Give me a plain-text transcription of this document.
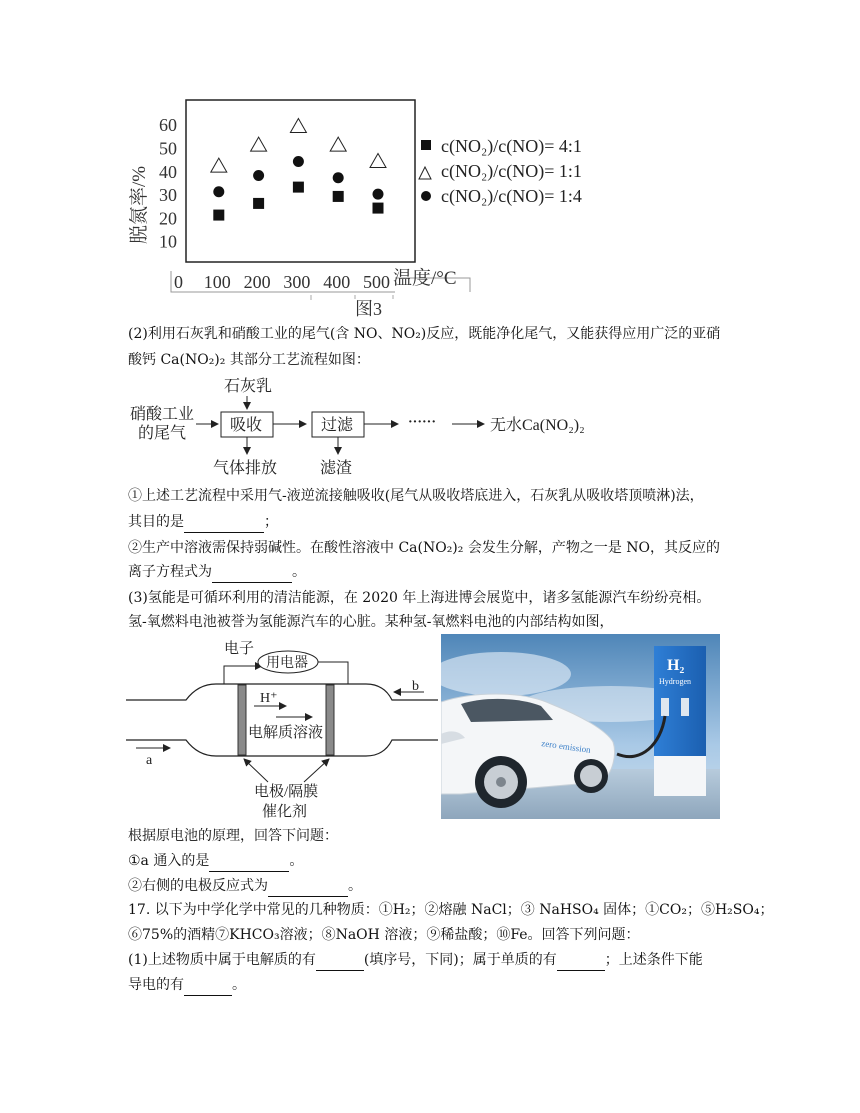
脱氮率/% 10
20
30
40
50
60
c(NO₂)/c(NO)= 4:1
c(NO₂)/c(NO)= 1:1
c(NO₂)/c(NO)= 1:4
0 100 200 300 400 500 温度/°C
图3
(2)利用石灰乳和硝酸工业的尾气(含 NO、NO₂)反应，既能净化尾气，又能获得应用广泛的亚硝
酸钙 Ca(NO₂)₂ 其部分工艺流程如图：
石灰乳
硝酸工业
的尾气	吸收	过滤	······	无水Ca(NO₂)₂
气体排放	滤渣
①上述工艺流程中采用气-液逆流接触吸收(尾气从吸收塔底进入，石灰乳从吸收塔顶喷淋)法，
其目的是	；
②生产中溶液需保持弱碱性。在酸性溶液中 Ca(NO₂)₂ 会发生分解，产物之一是 NO，其反应的
离子方程式为	。
(3)氢能是可循环利用的清洁能源，在 2020 年上海进博会展览中，诸多氢能源汽车纷纷亮相。
氢-氧燃料电池被誉为氢能源汽车的心脏。某种氢-氧燃料电池的内部结构如图，
电子
用电器
H⁺
电解质溶液
b
a
电极/隔膜
催化剂
H₂
Hydrogen
zero emission
根据原电池的原理，回答下问题：
①a 通入的是	。
②右侧的电极反应式为	。
17. 以下为中学化学中常见的几种物质：①H₂；②熔融 NaCl；③ NaHSO₄ 固体；①CO₂；⑤H₂SO₄；
⑥75%的酒精⑦KHCO₃溶液；⑧NaOH 溶液；⑨稀盐酸；⑩Fe。回答下列问题：
(1)上述物质中属于电解质的有	(填序号，下同)；属于单质的有	；上述条件下能
导电的有	。
